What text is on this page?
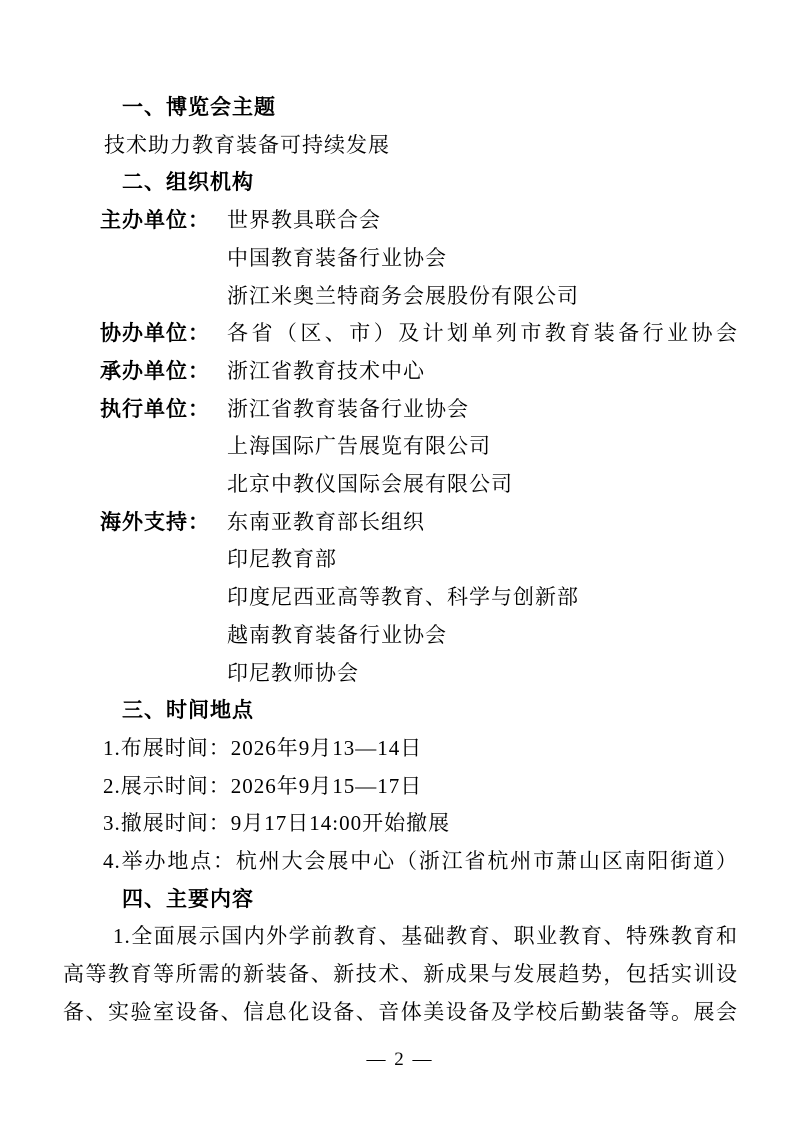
一、博览会主题
技术助力教育装备可持续发展
二、组织机构
主办单位： 世界教具联合会
中国教育装备行业协会
浙江米奥兰特商务会展股份有限公司
协办单位： 各省（区、市）及计划单列市教育装备行业协会
承办单位： 浙江省教育技术中心
执行单位： 浙江省教育装备行业协会
上海国际广告展览有限公司
北京中教仪国际会展有限公司
海外支持： 东南亚教育部长组织
印尼教育部
印度尼西亚高等教育、科学与创新部
越南教育装备行业协会
印尼教师协会
三、时间地点
1.布展时间：2026年9月13—14日
2.展示时间：2026年9月15—17日
3.撤展时间：9月17日14:00开始撤展
4.举办地点：杭州大会展中心（浙江省杭州市萧山区南阳街道）
四、主要内容
1.全面展示国内外学前教育、基础教育、职业教育、特殊教育和
高等教育等所需的新装备、新技术、新成果与发展趋势，包括实训设
备、实验室设备、信息化设备、音体美设备及学校后勤装备等。展会
— 2 —
